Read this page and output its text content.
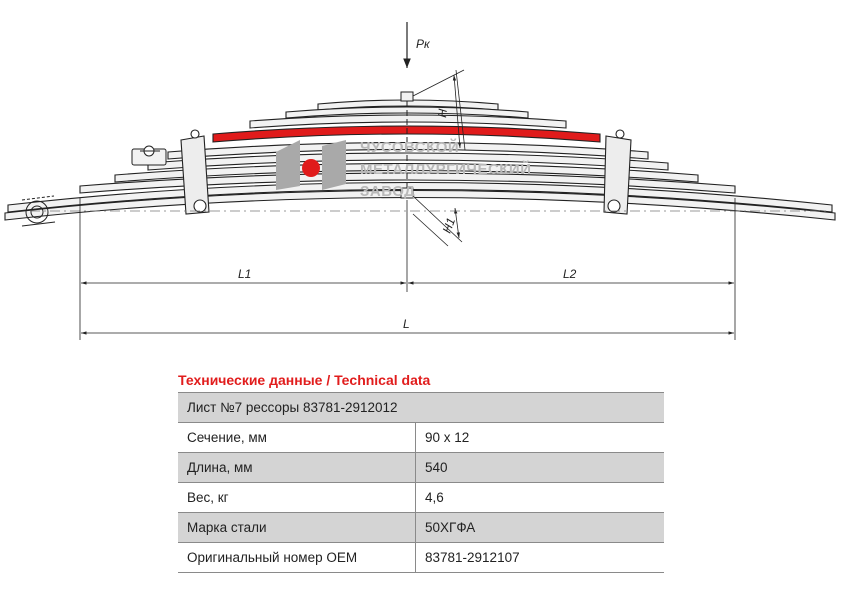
ЧУСОВСКОЙ
МЕТАЛЛУРГИЧЕСКИЙ
ЗАВОД
Pк
H
H1
L1	L2
L
Технические данные / Technical data
Лист №7 рессоры 83781-2912012	
Сечение, мм	90 х 12
Длина, мм	540
Вес, кг	4,6
Марка стали	50ХГФА
Оригинальный номер OEM	83781-2912107
